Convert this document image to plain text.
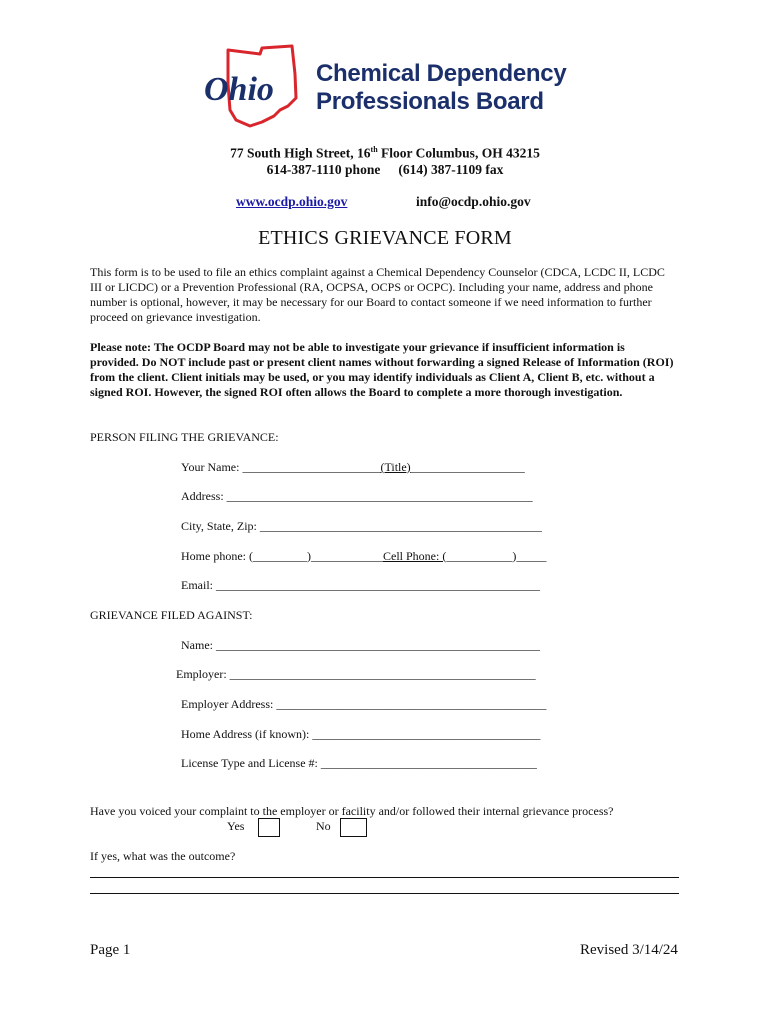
Ohio Chemical Dependency
Professionals Board
77 South High Street, 16th Floor Columbus, OH 43215
614-387-1110 phone (614) 387-1109 fax
www.ocdp.ohio.gov	info@ocdp.ohio.gov
ETHICS GRIEVANCE FORM
This form is to be used to file an ethics complaint against a Chemical Dependency Counselor (CDCA, LCDC II, LCDC III or LICDC) or a Prevention Professional (RA, OCPSA, OCPS or OCPC). Including your name, address and phone number is optional, however, it may be necessary for our Board to contact someone if we need information to further proceed on grievance investigation.
Please note: The OCDP Board may not be able to investigate your grievance if insufficient information is provided. Do NOT include past or present client names without forwarding a signed Release of Information (ROI) from the client. Client initials may be used, or you may identify individuals as Client A, Client B, etc. without a signed ROI. However, the signed ROI often allows the Board to complete a more thorough investigation.
PERSON FILING THE GRIEVANCE:
Your Name: _______________________(Title)___________________
Address: ___________________________________________________
City, State, Zip: _______________________________________________
Home phone: (_________)____________Cell Phone: (___________)_____
Email: ______________________________________________________
GRIEVANCE FILED AGAINST:
Name: ______________________________________________________
Employer: ___________________________________________________
Employer Address: _____________________________________________
Home Address (if known): ______________________________________
License Type and License #: ____________________________________
Have you voiced your complaint to the employer or facility and/or followed their internal grievance process?
Yes	No
If yes, what was the outcome?
Page 1	Revised 3/14/24
